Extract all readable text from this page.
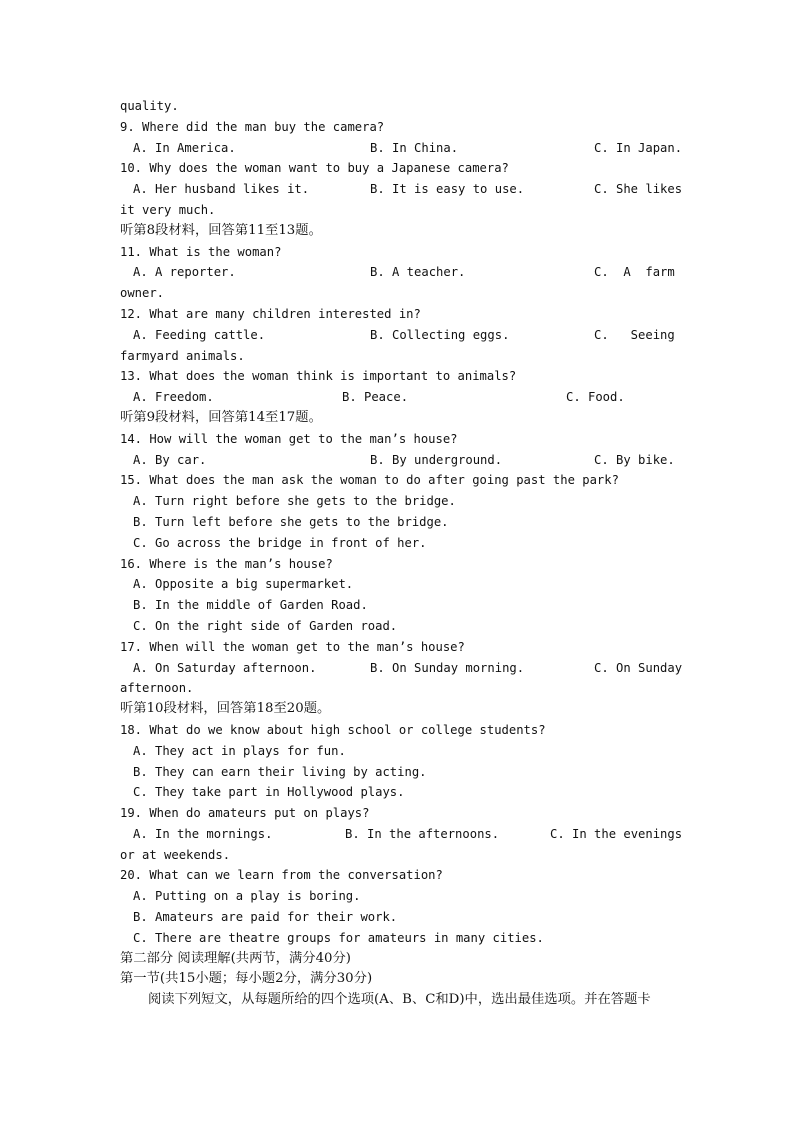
quality.
9. Where did the man buy the camera?
A. In America.	B. In China.	C. In Japan.
10. Why does the woman want to buy a Japanese camera?
A. Her husband likes it.	B. It is easy to use.	C. She likes
it very much.
听第8段材料，回答第11至13题。
11. What is the woman?
A. A reporter.	B. A teacher.	C.  A  farm
owner.
12. What are many children interested in?
A. Feeding cattle.	B. Collecting eggs.	C.   Seeing
farmyard animals.
13. What does the woman think is important to animals?
A. Freedom.	B. Peace.	C. Food.
听第9段材料，回答第14至17题。
14. How will the woman get to the man’s house?
A. By car.	B. By underground.	C. By bike.
15. What does the man ask the woman to do after going past the park?
A. Turn right before she gets to the bridge.
B. Turn left before she gets to the bridge.
C. Go across the bridge in front of her.
16. Where is the man’s house?
A. Opposite a big supermarket.
B. In the middle of Garden Road.
C. On the right side of Garden road.
17. When will the woman get to the man’s house?
A. On Saturday afternoon.	B. On Sunday morning.	C. On Sunday
afternoon.
听第10段材料，回答第18至20题。
18. What do we know about high school or college students?
A. They act in plays for fun.
B. They can earn their living by acting.
C. They take part in Hollywood plays.
19. When do amateurs put on plays?
A. In the mornings.	B. In the afternoons.	C. In the evenings
or at weekends.
20. What can we learn from the conversation?
A. Putting on a play is boring.
B. Amateurs are paid for their work.
C. There are theatre groups for amateurs in many cities.
第二部分 阅读理解(共两节，满分40分)
第一节(共15小题；每小题2分，满分30分)
阅读下列短文，从每题所给的四个选项(A、B、C和D)中，选出最佳选项。并在答题卡
